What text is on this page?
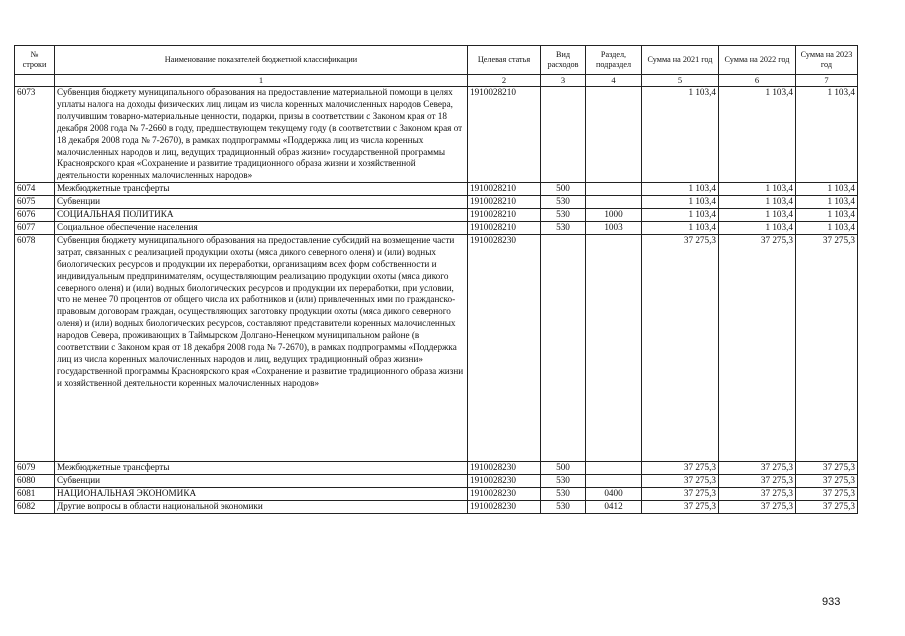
№
строки	Наименование показателей бюджетной классификации	Целевая статья	Вид расходов	Раздел, подраздел	Сумма на 2021 год	Сумма на 2022 год	Сумма на 2023 год
	1	2	3	4	5	6	7
6073	Субвенция бюджету муниципального образования на предоставление материальной помощи в целях уплаты налога на доходы физических лиц лицам из числа коренных малочисленных народов Севера, получившим товарно-материальные ценности, подарки, призы в соответствии с Законом края от 18 декабря 2008 года № 7-2660 в году, предшествующем текущему году (в соответствии с Законом края от 18 декабря 2008 года № 7-2670), в рамках подпрограммы «Поддержка лиц из числа коренных малочисленных народов и лиц, ведущих традиционный образ жизни» государственной программы Красноярского края «Сохранение и развитие традиционного образа жизни и хозяйственной деятельности коренных малочисленных народов»	1910028210			1 103,4	1 103,4	1 103,4
6074	Межбюджетные трансферты	1910028210	500		1 103,4	1 103,4	1 103,4
6075	Субвенции	1910028210	530		1 103,4	1 103,4	1 103,4
6076	СОЦИАЛЬНАЯ ПОЛИТИКА	1910028210	530	1000	1 103,4	1 103,4	1 103,4
6077	Социальное обеспечение населения	1910028210	530	1003	1 103,4	1 103,4	1 103,4
6078	Субвенция бюджету муниципального образования на предоставление субсидий на возмещение части затрат, связанных с реализацией продукции охоты (мяса дикого северного оленя) и (или) водных биологических ресурсов и продукции их переработки, организациям всех форм собственности и индивидуальным предпринимателям, осуществляющим реализацию продукции охоты (мяса дикого северного оленя) и (или) водных биологических ресурсов и продукции их переработки, при условии, что не менее 70 процентов от общего числа их работников и (или) привлеченных ими по гражданско-правовым договорам граждан, осуществляющих заготовку продукции охоты (мяса дикого северного оленя) и (или) водных биологических ресурсов, составляют представители коренных малочисленных народов Севера, проживающих в Таймырском Долгано-Ненецком муниципальном районе (в соответствии с Законом края от 18 декабря 2008 года № 7-2670), в рамках подпрограммы «Поддержка лиц из числа коренных малочисленных народов и лиц, ведущих традиционный образ жизни» государственной программы Красноярского края «Сохранение и развитие традиционного образа жизни и хозяйственной деятельности коренных малочисленных народов»	1910028230			37 275,3	37 275,3	37 275,3
6079	Межбюджетные трансферты	1910028230	500		37 275,3	37 275,3	37 275,3
6080	Субвенции	1910028230	530		37 275,3	37 275,3	37 275,3
6081	НАЦИОНАЛЬНАЯ ЭКОНОМИКА	1910028230	530	0400	37 275,3	37 275,3	37 275,3
6082	Другие вопросы в области национальной экономики	1910028230	530	0412	37 275,3	37 275,3	37 275,3
933
